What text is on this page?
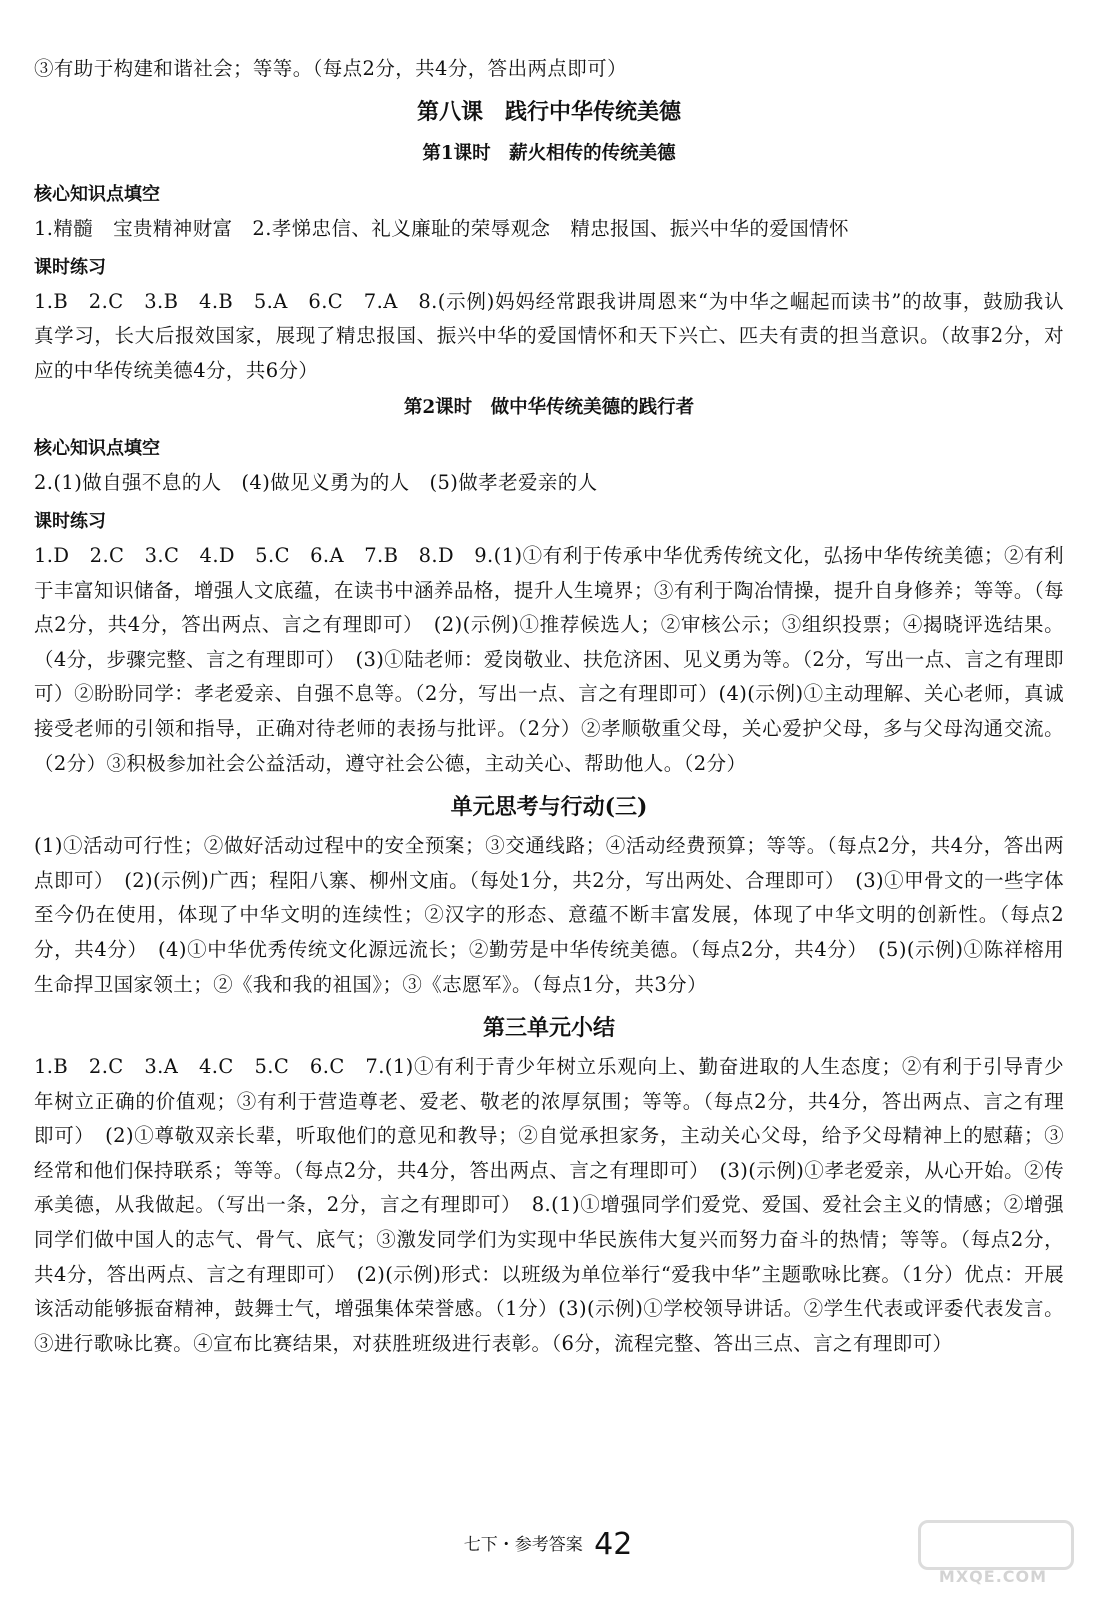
③有助于构建和谐社会；等等。（每点2分，共4分，答出两点即可）
第八课　践行中华传统美德
第1课时　薪火相传的传统美德
核心知识点填空
1.精髓　宝贵精神财富　2.孝悌忠信、礼义廉耻的荣辱观念　精忠报国、振兴中华的爱国情怀
课时练习
1.B　2.C　3.B　4.B　5.A　6.C　7.A　8.(示例)妈妈经常跟我讲周恩来“为中华之崛起而读书”的故事，鼓励我认真学习，长大后报效国家，展现了精忠报国、振兴中华的爱国情怀和天下兴亡、匹夫有责的担当意识。（故事2分，对应的中华传统美德4分，共6分）
第2课时　做中华传统美德的践行者
核心知识点填空
2.(1)做自强不息的人　(4)做见义勇为的人　(5)做孝老爱亲的人
课时练习
1.D　2.C　3.C　4.D　5.C　6.A　7.B　8.D　9.(1)①有利于传承中华优秀传统文化，弘扬中华传统美德；②有利于丰富知识储备，增强人文底蕴，在读书中涵养品格，提升人生境界；③有利于陶冶情操，提升自身修养；等等。（每点2分，共4分，答出两点、言之有理即可）　(2)(示例)①推荐候选人；②审核公示；③组织投票；④揭晓评选结果。（4分，步骤完整、言之有理即可）　(3)①陆老师：爱岗敬业、扶危济困、见义勇为等。（2分，写出一点、言之有理即可）②盼盼同学：孝老爱亲、自强不息等。（2分，写出一点、言之有理即可）(4)(示例)①主动理解、关心老师，真诚接受老师的引领和指导，正确对待老师的表扬与批评。（2分）②孝顺敬重父母，关心爱护父母，多与父母沟通交流。（2分）③积极参加社会公益活动，遵守社会公德，主动关心、帮助他人。（2分）
单元思考与行动(三)
(1)①活动可行性；②做好活动过程中的安全预案；③交通线路；④活动经费预算；等等。（每点2分，共4分，答出两点即可）　(2)(示例)广西；程阳八寨、柳州文庙。（每处1分，共2分，写出两处、合理即可）　(3)①甲骨文的一些字体至今仍在使用，体现了中华文明的连续性；②汉字的形态、意蕴不断丰富发展，体现了中华文明的创新性。（每点2分，共4分）　(4)①中华优秀传统文化源远流长；②勤劳是中华传统美德。（每点2分，共4分）　(5)(示例)①陈祥榕用生命捍卫国家领土；②《我和我的祖国》；③《志愿军》。（每点1分，共3分）
第三单元小结
1.B　2.C　3.A　4.C　5.C　6.C　7.(1)①有利于青少年树立乐观向上、勤奋进取的人生态度；②有利于引导青少年树立正确的价值观；③有利于营造尊老、爱老、敬老的浓厚氛围；等等。（每点2分，共4分，答出两点、言之有理即可）　(2)①尊敬双亲长辈，听取他们的意见和教导；②自觉承担家务，主动关心父母，给予父母精神上的慰藉；③经常和他们保持联系；等等。（每点2分，共4分，答出两点、言之有理即可）　(3)(示例)①孝老爱亲，从心开始。②传承美德，从我做起。（写出一条，2分，言之有理即可）　8.(1)①增强同学们爱党、爱国、爱社会主义的情感；②增强同学们做中国人的志气、骨气、底气；③激发同学们为实现中华民族伟大复兴而努力奋斗的热情；等等。（每点2分，共4分，答出两点、言之有理即可）　(2)(示例)形式：以班级为单位举行“爱我中华”主题歌咏比赛。（1分）优点：开展该活动能够振奋精神，鼓舞士气，增强集体荣誉感。（1分）(3)(示例)①学校领导讲话。②学生代表或评委代表发言。③进行歌咏比赛。④宣布比赛结果，对获胜班级进行表彰。（6分，流程完整、答出三点、言之有理即可）
七下・参考答案 42
MXQE.COM
